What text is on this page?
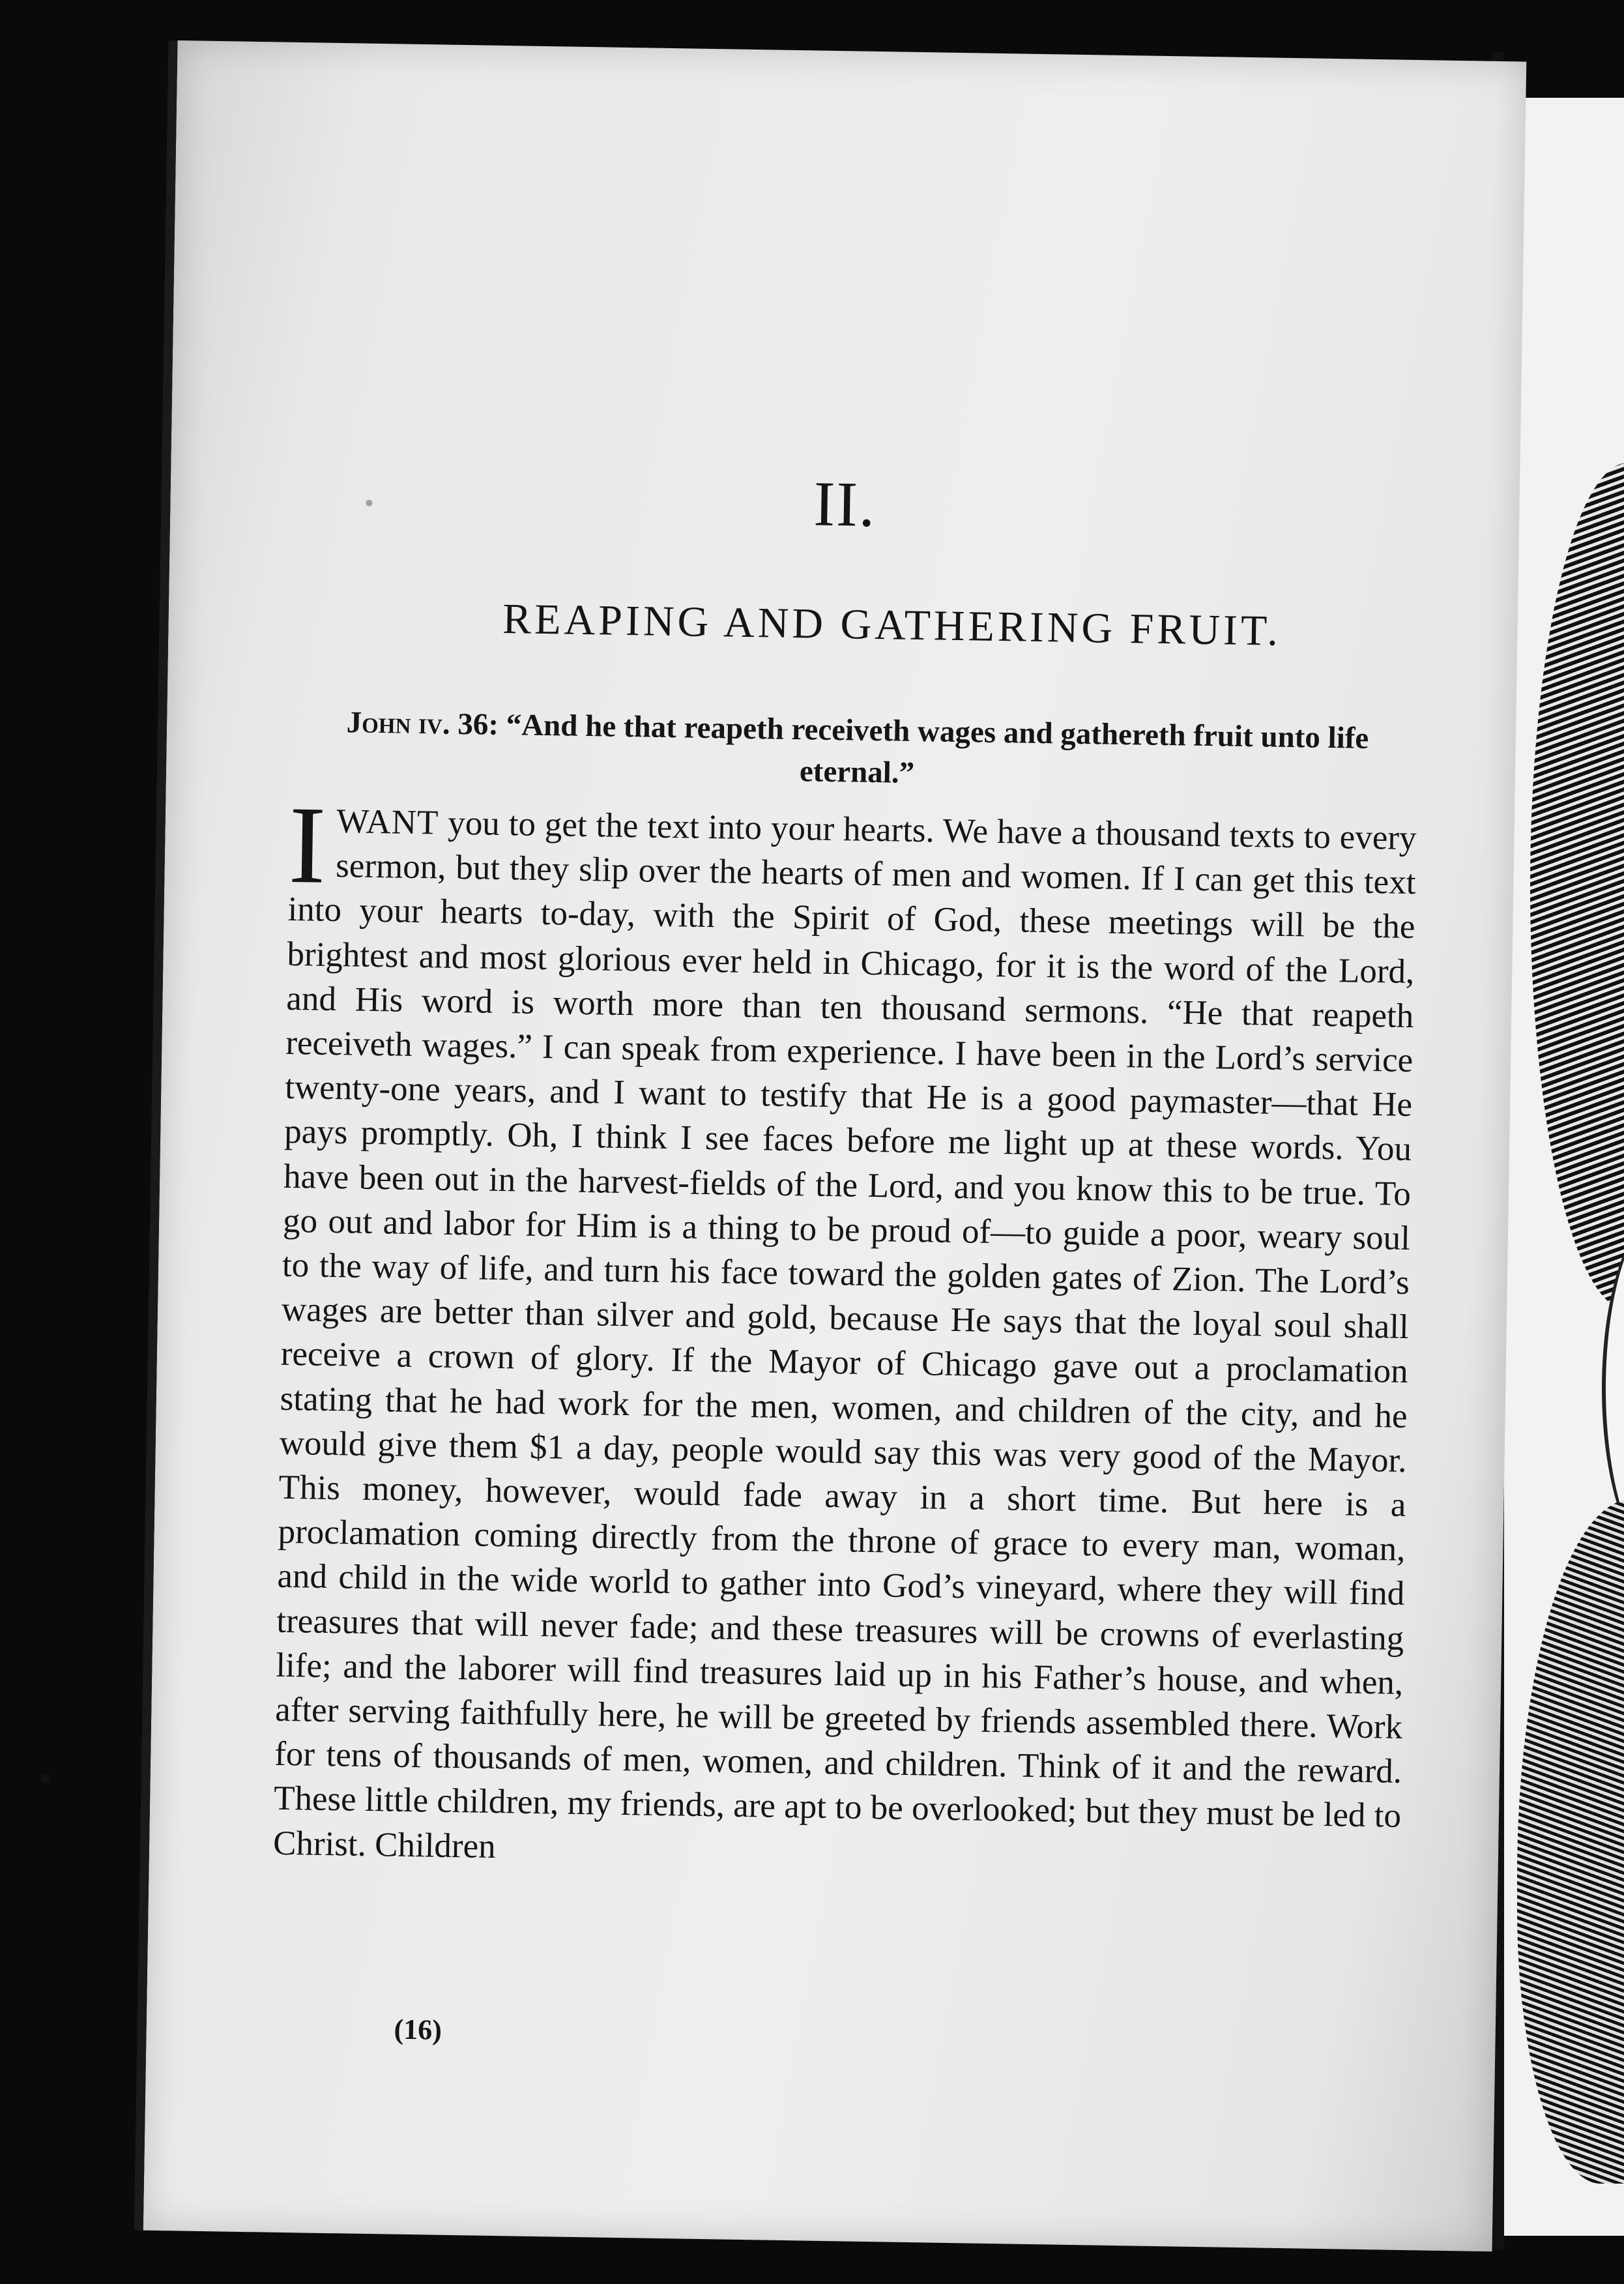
II.
REAPING AND GATHERING FRUIT.
John iv. 36: “And he that reapeth receiveth wages and gathereth fruit unto life eternal.”
IWANT you to get the text into your hearts. We have a thousand texts to every sermon, but they slip over the hearts of men and women. If I can get this text into your hearts to-day, with the Spirit of God, these meetings will be the brightest and most glorious ever held in Chicago, for it is the word of the Lord, and His word is worth more than ten thousand sermons. “He that reapeth receiveth wages.” I can speak from experience. I have been in the Lord’s service twenty-one years, and I want to testify that He is a good paymaster—that He pays promptly. Oh, I think I see faces before me light up at these words. You have been out in the harvest-fields of the Lord, and you know this to be true. To go out and labor for Him is a thing to be proud of—to guide a poor, weary soul to the way of life, and turn his face toward the golden gates of Zion. The Lord’s wages are better than silver and gold, because He says that the loyal soul shall receive a crown of glory. If the Mayor of Chicago gave out a proclamation stating that he had work for the men, women, and children of the city, and he would give them $1 a day, people would say this was very good of the Mayor. This money, however, would fade away in a short time. But here is a proclamation coming directly from the throne of grace to every man, woman, and child in the wide world to gather into God’s vineyard, where they will find treasures that will never fade; and these treasures will be crowns of everlasting life; and the laborer will find treasures laid up in his Father’s house, and when, after serving faithfully here, he will be greeted by friends assembled there. Work for tens of thousands of men, women, and children. Think of it and the reward. These little children, my friends, are apt to be overlooked; but they must be led to Christ. Children
(16)
